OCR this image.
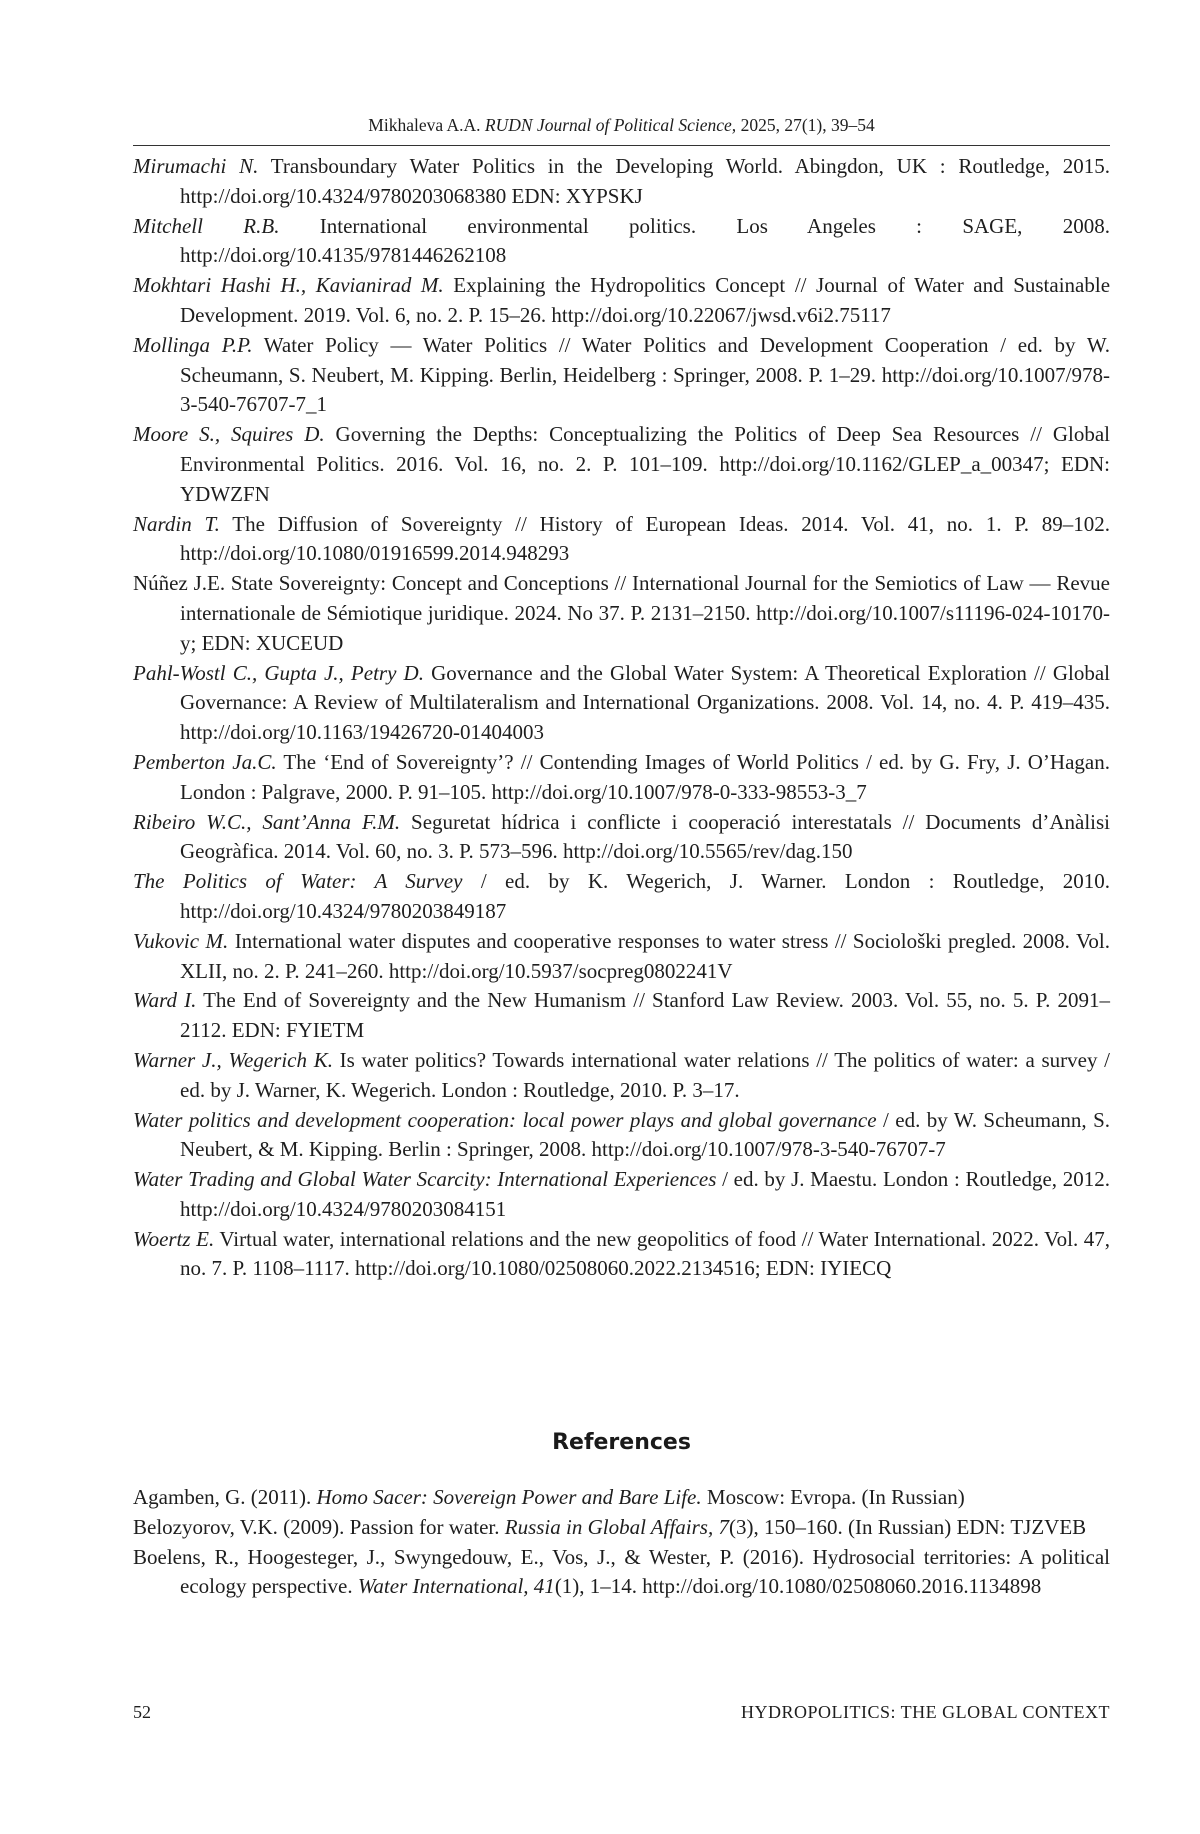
Mikhaleva A.A. RUDN Journal of Political Science, 2025, 27(1), 39–54

Mirumachi N. Transboundary Water Politics in the Developing World. Abingdon, UK : Routledge, 2015. http://doi.org/10.4324/9780203068380 EDN: XYPSKJ

Mitchell R.B. International environmental politics. Los Angeles : SAGE, 2008. http://doi.org/10.4135/9781446262108

Mokhtari Hashi H., Kavianirad M. Explaining the Hydropolitics Concept // Journal of Water and Sustainable Development. 2019. Vol. 6, no. 2. P. 15–26. http://doi.org/10.22067/jwsd.v6i2.75117

Mollinga P.P. Water Policy — Water Politics // Water Politics and Development Cooperation / ed. by W. Scheumann, S. Neubert, M. Kipping. Berlin, Heidelberg : Springer, 2008. P. 1–29. http://doi.org/10.1007/978-3-540-76707-7_1

Moore S., Squires D. Governing the Depths: Conceptualizing the Politics of Deep Sea Resources // Global Environmental Politics. 2016. Vol. 16, no. 2. P. 101–109. http://doi.org/10.1162/GLEP_a_00347; EDN: YDWZFN

Nardin T. The Diffusion of Sovereignty // History of European Ideas. 2014. Vol. 41, no. 1. P. 89–102. http://doi.org/10.1080/01916599.2014.948293

Núñez J.E. State Sovereignty: Concept and Conceptions // International Journal for the Semiotics of Law — Revue internationale de Sémiotique juridique. 2024. No 37. P. 2131–2150. http://doi.org/10.1007/s11196-024-10170-y; EDN: XUCEUD

Pahl-Wostl C., Gupta J., Petry D. Governance and the Global Water System: A Theoretical Exploration // Global Governance: A Review of Multilateralism and International Organizations. 2008. Vol. 14, no. 4. P. 419–435. http://doi.org/10.1163/19426720-01404003

Pemberton Ja.C. The ‘End of Sovereignty’? // Contending Images of World Politics / ed. by G. Fry, J. O’Hagan. London : Palgrave, 2000. P. 91–105. http://doi.org/10.1007/978-0-333-98553-3_7

Ribeiro W.C., Sant’Anna F.M. Seguretat hídrica i conflicte i cooperació interestatals // Documents d’Anàlisi Geogràfica. 2014. Vol. 60, no. 3. P. 573–596. http://doi.org/10.5565/rev/dag.150

The Politics of Water: A Survey / ed. by K. Wegerich, J. Warner. London : Routledge, 2010. http://doi.org/10.4324/9780203849187

Vukovic M. International water disputes and cooperative responses to water stress // Sociološki pregled. 2008. Vol. XLII, no. 2. P. 241–260. http://doi.org/10.5937/socpreg0802241V

Ward I. The End of Sovereignty and the New Humanism // Stanford Law Review. 2003. Vol. 55, no. 5. P. 2091–2112. EDN: FYIETM

Warner J., Wegerich K. Is water politics? Towards international water relations // The politics of water: a survey / ed. by J. Warner, K. Wegerich. London : Routledge, 2010. P. 3–17.

Water politics and development cooperation: local power plays and global governance / ed. by W. Scheumann, S. Neubert, & M. Kipping. Berlin : Springer, 2008. http://doi.org/10.1007/978-3-540-76707-7

Water Trading and Global Water Scarcity: International Experiences / ed. by J. Maestu. London : Routledge, 2012. http://doi.org/10.4324/9780203084151

Woertz E. Virtual water, international relations and the new geopolitics of food // Water International. 2022. Vol. 47, no. 7. P. 1108–1117. http://doi.org/10.1080/02508060.2022.2134516; EDN: IYIECQ

References

Agamben, G. (2011). Homo Sacer: Sovereign Power and Bare Life. Moscow: Evropa. (In Russian)

Belozyorov, V.K. (2009). Passion for water. Russia in Global Affairs, 7(3), 150–160. (In Russian) EDN: TJZVEB

Boelens, R., Hoogesteger, J., Swyngedouw, E., Vos, J., & Wester, P. (2016). Hydrosocial territories: A political ecology perspective. Water International, 41(1), 1–14. http://doi.org/10.1080/02508060.2016.1134898

52	HYDROPOLITICS: THE GLOBAL CONTEXT
